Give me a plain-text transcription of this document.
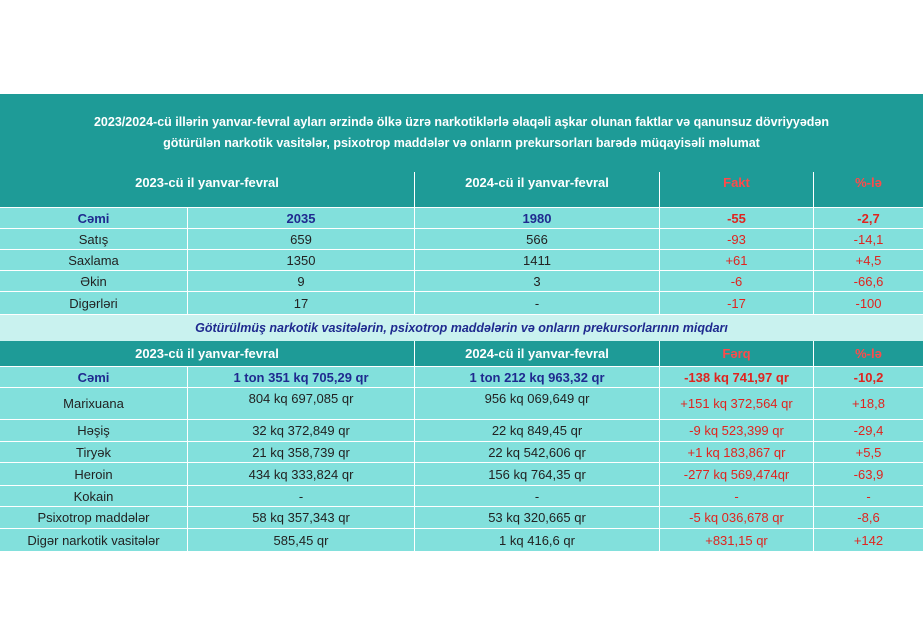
2023/2024-cü illərin yanvar-fevral ayları ərzində ölkə üzrə narkotiklərlə əlaqəli aşkar olunan faktlar və qanunsuz dövriyyədən
götürülən narkotik vasitələr, psixotrop maddələr və onların prekursorları barədə müqayisəli məlumat
2023-cü il yanvar-fevral	2024-cü il yanvar-fevral	Fakt	%-lə
Cəmi	2035	1980	-55	-2,7
Satış	659	566	-93	-14,1
Saxlama	1350	1411	+61	+4,5
Əkin	9	3	-6	-66,6
Digərləri	17	-	-17	-100
Götürülmüş narkotik vasitələrin, psixotrop maddələrin və onların prekursorlarının miqdarı
2023-cü il yanvar-fevral	2024-cü il yanvar-fevral	Fərq	%-lə
Cəmi	1 ton 351 kq 705,29 qr	1 ton 212 kq 963,32 qr	-138 kq 741,97 qr	-10,2
Marixuana	804 kq 697,085 qr	956 kq 069,649 qr	+151 kq 372,564 qr	+18,8
Həşiş	32 kq 372,849 qr	22 kq 849,45 qr	-9 kq 523,399 qr	-29,4
Tiryək	21 kq 358,739 qr	22 kq 542,606 qr	+1 kq 183,867 qr	+5,5
Heroin	434 kq 333,824 qr	156 kq 764,35 qr	-277 kq 569,474qr	-63,9
Kokain	-	-	-	-
Psixotrop maddələr	58 kq 357,343 qr	53 kq 320,665 qr	-5 kq 036,678 qr	-8,6
Digər narkotik vasitələr	585,45 qr	1 kq 416,6 qr	+831,15 qr	+142
